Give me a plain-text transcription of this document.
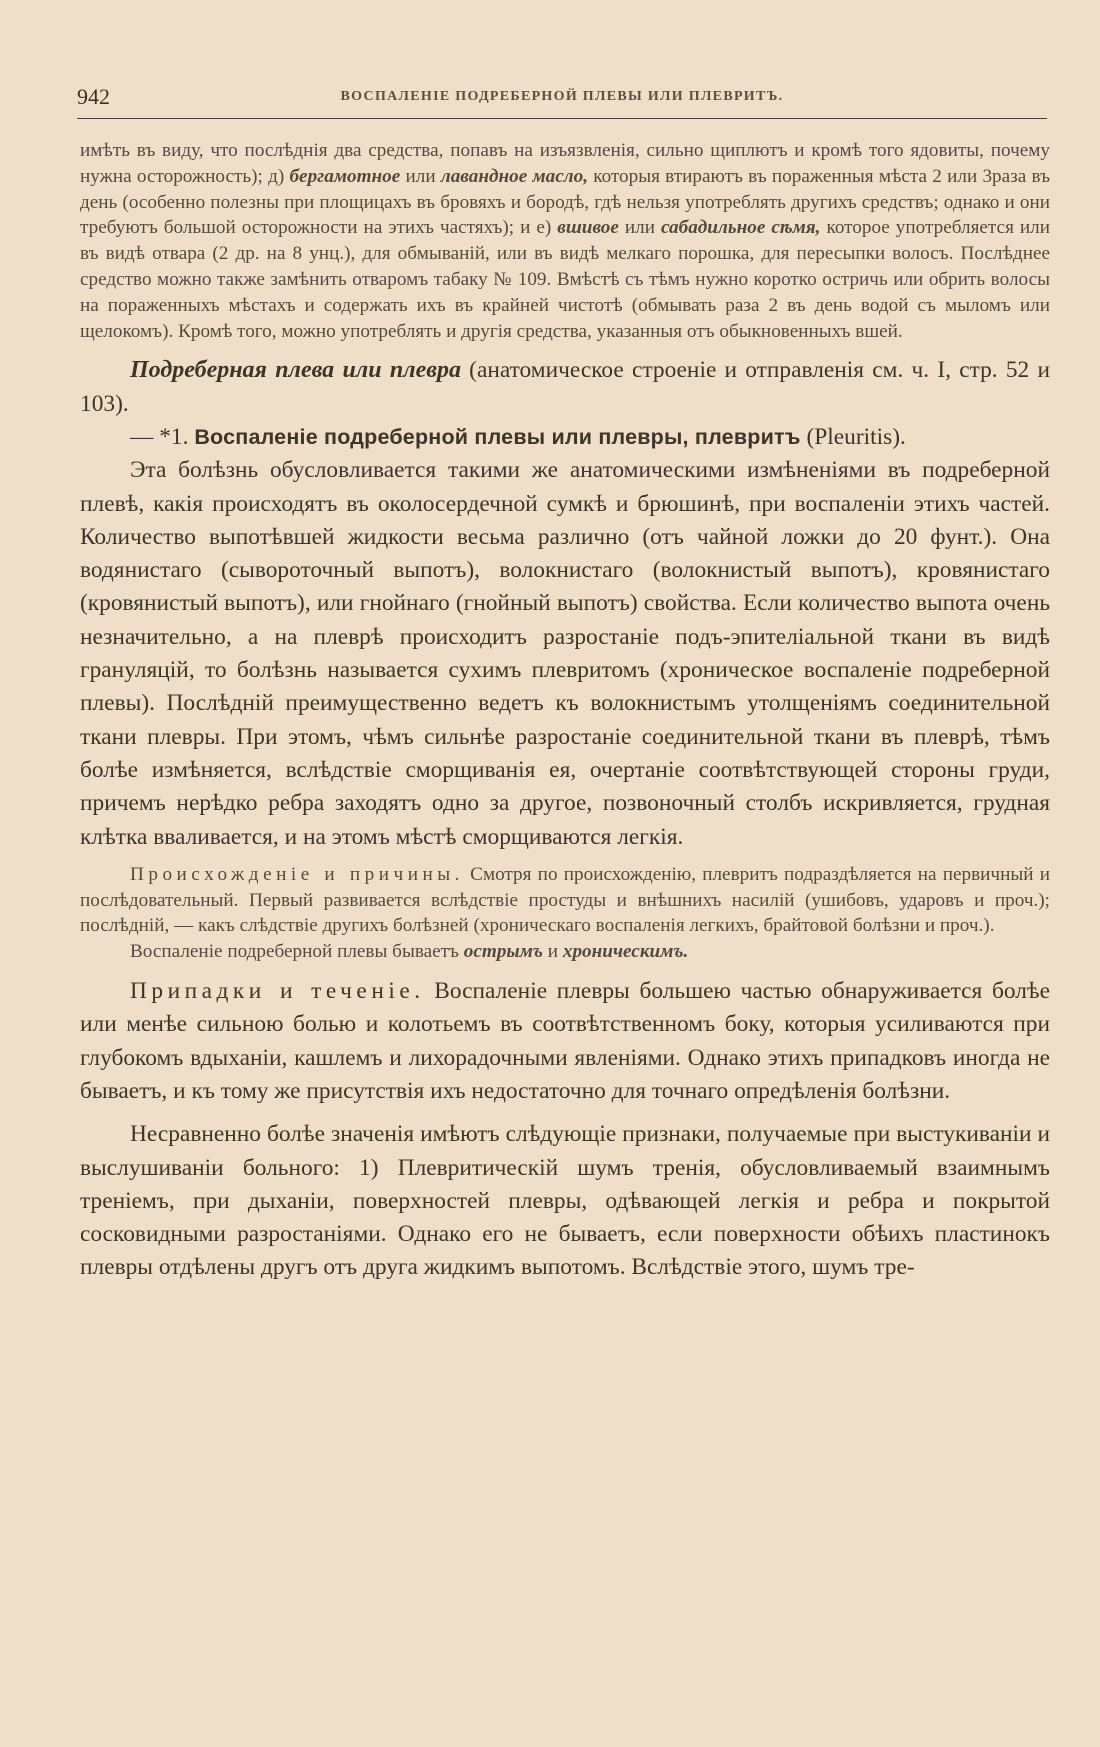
942	ВОСПАЛЕНІЕ ПОДРЕБЕРНОЙ ПЛЕВЫ ИЛИ ПЛЕВРИТЪ.

имѣть въ виду, что послѣднія два средства, попавъ на изъязвленія, сильно щиплютъ и кромѣ того ядовиты, почему нужна осторожность); д) бергамотное или лавандное масло, которыя втираютъ въ пораженныя мѣста 2 или 3раза въ день (особенно полезны при площицахъ въ бровяхъ и бородѣ, гдѣ нельзя употреблять другихъ средствъ; однако и они требуютъ большой осторожности на этихъ частяхъ); и е) вшивое или сабадильное сѣмя, которое употребляется или въ видѣ отвара (2 др. на 8 унц.), для обмываній, или въ видѣ мелкаго порошка, для пересыпки волосъ. Послѣднее средство можно также замѣнить отваромъ табаку № 109. Вмѣстѣ съ тѣмъ нужно коротко остричь или обрить волосы на пораженныхъ мѣстахъ и содержать ихъ въ крайней чистотѣ (обмывать раза 2 въ день водой съ мыломъ или щелокомъ). Кромѣ того, можно употреблять и другія средства, указанныя отъ обыкновенныхъ вшей.

Подреберная плева или плевра (анатомическое строеніе и отправленія см. ч. I, стр. 52 и 103).

— *1. Воспаленіе подреберной плевы или плевры, плевритъ (Pleuritis).

Эта болѣзнь обусловливается такими же анатомическими измѣненіями въ подреберной плевѣ, какія происходятъ въ околосердечной сумкѣ и брюшинѣ, при воспаленіи этихъ частей. Количество выпотѣвшей жидкости весьма различно (отъ чайной ложки до 20 фунт.). Она водянистаго (сывороточный выпотъ), волокнистаго (волокнистый выпотъ), кровянистаго (кровянистый выпотъ), или гнойнаго (гнойный выпотъ) свойства. Если количество выпота очень незначительно, а на плеврѣ происходитъ разростаніе подъ-эпителіальной ткани въ видѣ грануляцій, то болѣзнь называется сухимъ плевритомъ (хроническое воспаленіе подреберной плевы). Послѣдній преимущественно ведетъ къ волокнистымъ утолщеніямъ соединительной ткани плевры. При этомъ, чѣмъ сильнѣе разростаніе соединительной ткани въ плеврѣ, тѣмъ болѣе измѣняется, вслѣдствіе сморщиванія ея, очертаніе соотвѣтствующей стороны груди, причемъ нерѣдко ребра заходятъ одно за другое, позвоночный столбъ искривляется, грудная клѣтка вваливается, и на этомъ мѣстѣ сморщиваются легкія.

Происхожденіе и причины. Смотря по происхожденію, плевритъ подраздѣляется на первичный и послѣдовательный. Первый развивается вслѣдствіе простуды и внѣшнихъ насилій (ушибовъ, ударовъ и проч.); послѣдній, — какъ слѣдствіе другихъ болѣзней (хроническаго воспаленія легкихъ, брайтовой болѣзни и проч.).

Воспаленіе подреберной плевы бываетъ острымъ и хроническимъ.

Припадки и теченіе. Воспаленіе плевры большею частью обнаруживается болѣе или менѣе сильною болью и колотьемъ въ соотвѣтственномъ боку, которыя усиливаются при глубокомъ вдыханіи, кашлемъ и лихорадочными явленіями. Однако этихъ припадковъ иногда не бываетъ, и къ тому же присутствія ихъ недостаточно для точнаго опредѣленія болѣзни.

Несравненно болѣе значенія имѣютъ слѣдующіе признаки, получаемые при выстукиваніи и выслушиваніи больного: 1) Плевритическій шумъ тренія, обусловливаемый взаимнымъ треніемъ, при дыханіи, поверхностей плевры, одѣвающей легкія и ребра и покрытой сосковидными разростаніями. Однако его не бываетъ, если поверхности обѣихъ пластинокъ плевры отдѣлены другъ отъ друга жидкимъ выпотомъ. Вслѣдствіе этого, шумъ тре-
